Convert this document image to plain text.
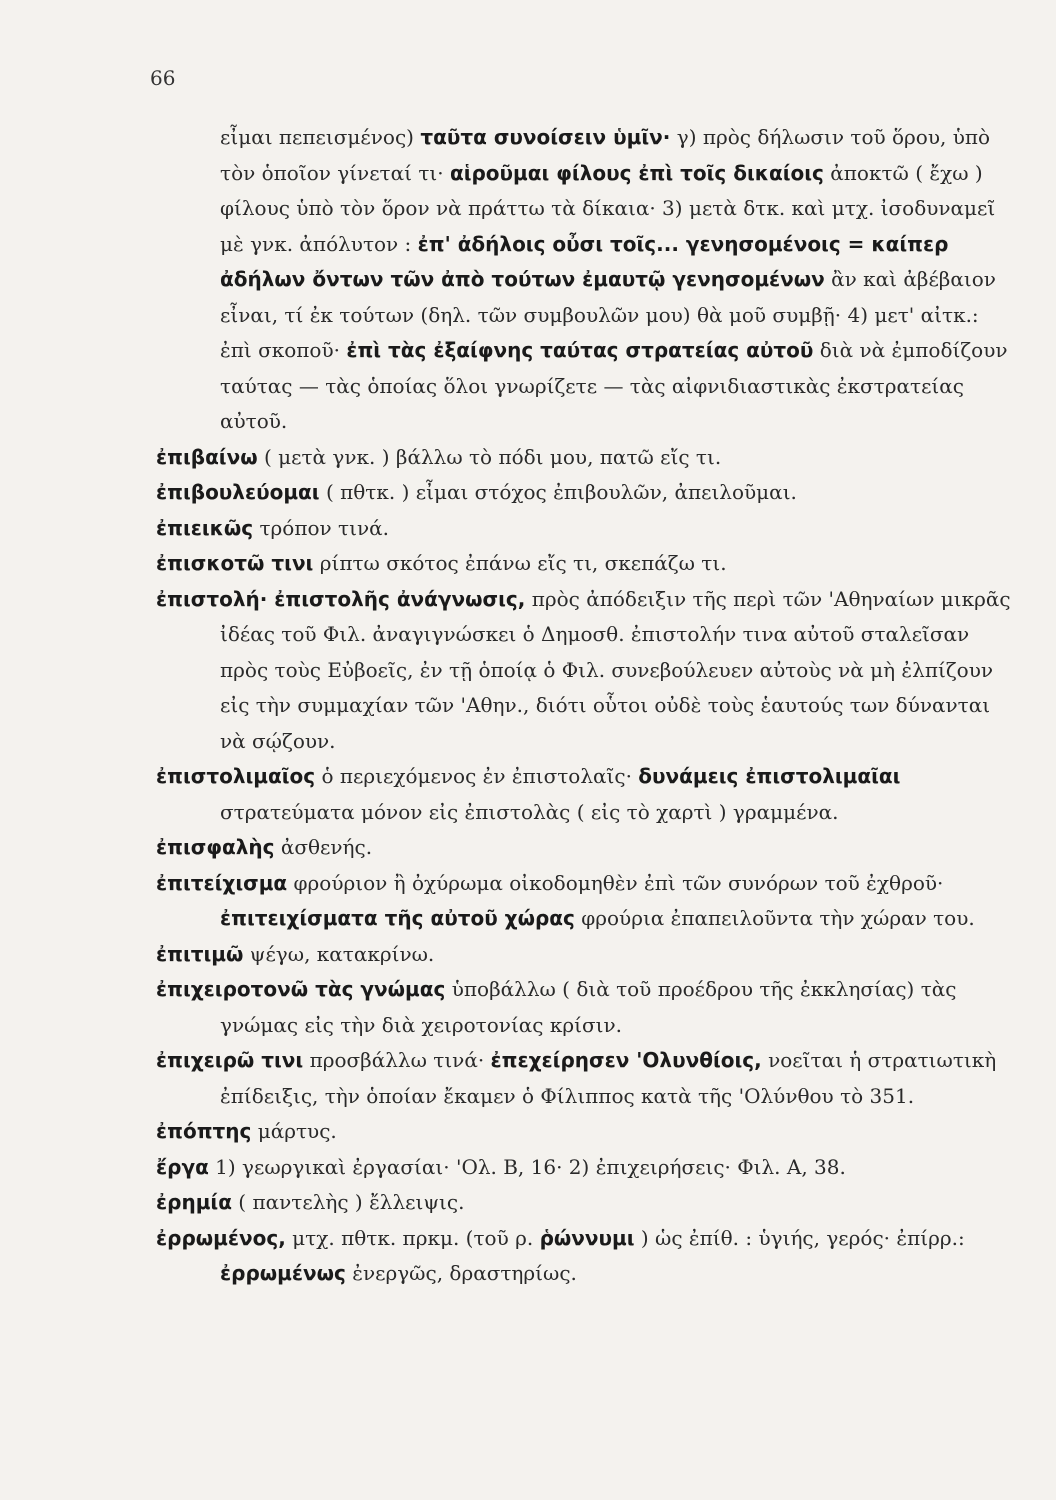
66

εἶμαι πεπεισμένος) ταῦτα συνοίσειν ὑμῖν· γ) πρὸς δήλωσιν τοῦ ὅρου, ὑπὸ τὸν ὁποῖον γίνεταί τι· αἱροῦμαι φίλους ἐπὶ τοῖς δικαίοις ἀποκτῶ ( ἔχω ) φίλους ὑπὸ τὸν ὅρον νὰ πράττω τὰ δίκαια· 3) μετὰ δτκ. καὶ μτχ. ἰσοδυναμεῖ μὲ γνκ. ἀπόλυτον : ἐπ' ἀδήλοις οὖσι τοῖς... γενησομένοις = καίπερ ἀδήλων ὄντων τῶν ἀπὸ τούτων ἐμαυτῷ γενησομένων ἂν καὶ ἀβέβαιον εἶναι, τί ἐκ τούτων (δηλ. τῶν συμβουλῶν μου) θὰ μοῦ συμβῇ· 4) μετ' αἰτκ.: ἐπὶ σκοποῦ· ἐπὶ τὰς ἐξαίφνης ταύτας στρατείας αὐτοῦ διὰ νὰ ἐμποδίζουν ταύτας — τὰς ὁποίας ὅλοι γνωρίζετε — τὰς αἰφνιδιαστικὰς ἐκστρατείας αὐτοῦ.

ἐπιβαίνω ( μετὰ γνκ. ) βάλλω τὸ πόδι μου, πατῶ εἴς τι.

ἐπιβουλεύομαι ( πθτκ. ) εἶμαι στόχος ἐπιβουλῶν, ἀπειλοῦμαι.

ἐπιεικῶς τρόπον τινά.

ἐπισκοτῶ τινι ρίπτω σκότος ἐπάνω εἴς τι, σκεπάζω τι.

ἐπιστολή· ἐπιστολῆς ἀνάγνωσις, πρὸς ἀπόδειξιν τῆς περὶ τῶν 'Αθηναίων μικρᾶς ἰδέας τοῦ Φιλ. ἀναγιγνώσκει ὁ Δημοσθ. ἐπιστολήν τινα αὐτοῦ σταλεῖσαν πρὸς τοὺς Εὐβοεῖς, ἐν τῇ ὁποίᾳ ὁ Φιλ. συνεβούλευεν αὐτοὺς νὰ μὴ ἐλπίζουν εἰς τὴν συμμαχίαν τῶν 'Αθην., διότι οὗτοι οὐδὲ τοὺς ἑαυτούς των δύνανται νὰ σῴζουν.

ἐπιστολιμαῖος ὁ περιεχόμενος ἐν ἐπιστολαῖς· δυνάμεις ἐπιστολιμαῖαι στρατεύματα μόνον εἰς ἐπιστολὰς ( εἰς τὸ χαρτὶ ) γραμμένα.

ἐπισφαλὴς ἀσθενής.

ἐπιτείχισμα φρούριον ἢ ὀχύρωμα οἰκοδομηθὲν ἐπὶ τῶν συνόρων τοῦ ἐχθροῦ· ἐπιτειχίσματα τῆς αὐτοῦ χώρας φρούρια ἐπαπειλοῦντα τὴν χώραν του.

ἐπιτιμῶ ψέγω, κατακρίνω.

ἐπιχειροτονῶ τὰς γνώμας ὑποβάλλω ( διὰ τοῦ προέδρου τῆς ἐκκλησίας) τὰς γνώμας εἰς τὴν διὰ χειροτονίας κρίσιν.

ἐπιχειρῶ τινι προσβάλλω τινά· ἐπεχείρησεν 'Ολυνθίοις, νοεῖται ἡ στρατιωτικὴ ἐπίδειξις, τὴν ὁποίαν ἔκαμεν ὁ Φίλιππος κατὰ τῆς 'Ολύνθου τὸ 351.

ἐπόπτης μάρτυς.

ἔργα 1) γεωργικαὶ ἐργασίαι· 'Ολ. Β, 16· 2) ἐπιχειρήσεις· Φιλ. Α, 38.

ἐρημία ( παντελὴς ) ἔλλειψις.

ἐρρωμένος, μτχ. πθτκ. πρκμ. (τοῦ ρ. ῥώννυμι ) ὡς ἐπίθ. : ὑγιής, γερός· ἐπίρρ.: ἐρρωμένως ἐνεργῶς, δραστηρίως.
